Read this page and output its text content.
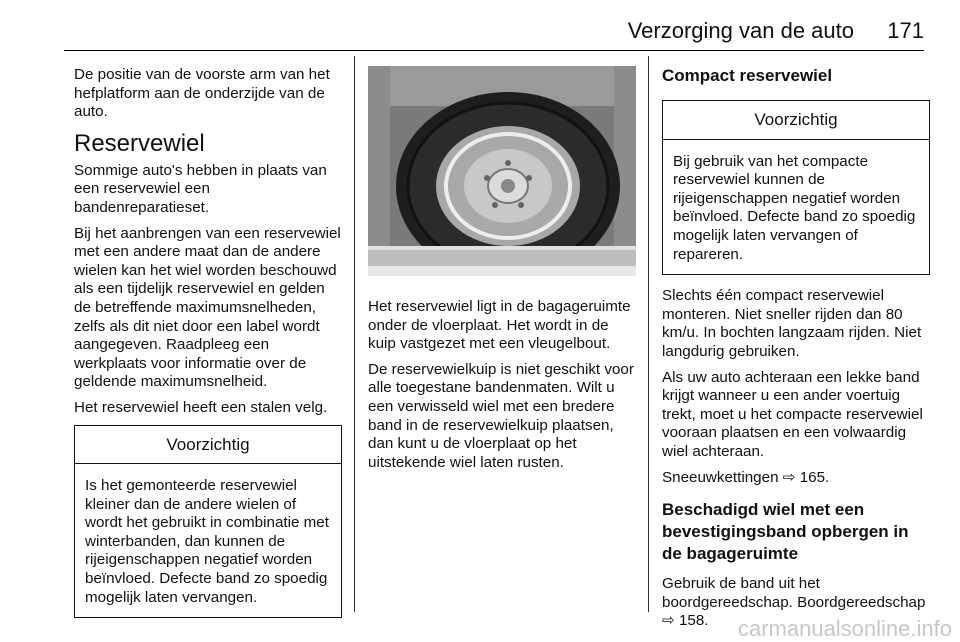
Verzorging van de auto 171

De positie van de voorste arm van het hefplatform aan de onderzijde van de auto.

Reservewiel

Sommige auto's hebben in plaats van een reservewiel een bandenreparatieset.

Bij het aanbrengen van een reservewiel met een andere maat dan de andere wielen kan het wiel worden beschouwd als een tijdelijk reservewiel en gelden de betreffende maximumsnelheden, zelfs als dit niet door een label wordt aangegeven. Raadpleeg een werkplaats voor informatie over de geldende maximumsnelheid.

Het reservewiel heeft een stalen velg.

Voorzichtig
Is het gemonteerde reservewiel kleiner dan de andere wielen of wordt het gebruikt in combinatie met winterbanden, dan kunnen de rijeigenschappen negatief worden beïnvloed. Defecte band zo spoedig mogelijk laten vervangen.

Het reservewiel ligt in de bagageruimte onder de vloerplaat. Het wordt in de kuip vastgezet met een vleugelbout.

De reservewielkuip is niet geschikt voor alle toegestane bandenmaten. Wilt u een verwisseld wiel met een bredere band in de reservewielkuip plaatsen, dan kunt u de vloerplaat op het uitstekende wiel laten rusten.

Compact reservewiel
Voorzichtig
Bij gebruik van het compacte reservewiel kunnen de rijeigenschappen negatief worden beïnvloed. Defecte band zo spoedig mogelijk laten vervangen of repareren.

Slechts één compact reservewiel monteren. Niet sneller rijden dan 80 km/u. In bochten langzaam rijden. Niet langdurig gebruiken.

Als uw auto achteraan een lekke band krijgt wanneer u een ander voertuig trekt, moet u het compacte reservewiel vooraan plaatsen en een volwaardig wiel achteraan.

Sneeuwkettingen ⇨ 165.

Beschadigd wiel met een bevestigingsband opbergen in de bagageruimte

Gebruik de band uit het boordgereedschap. Boordgereedschap ⇨ 158.	carmanualsonline.info
